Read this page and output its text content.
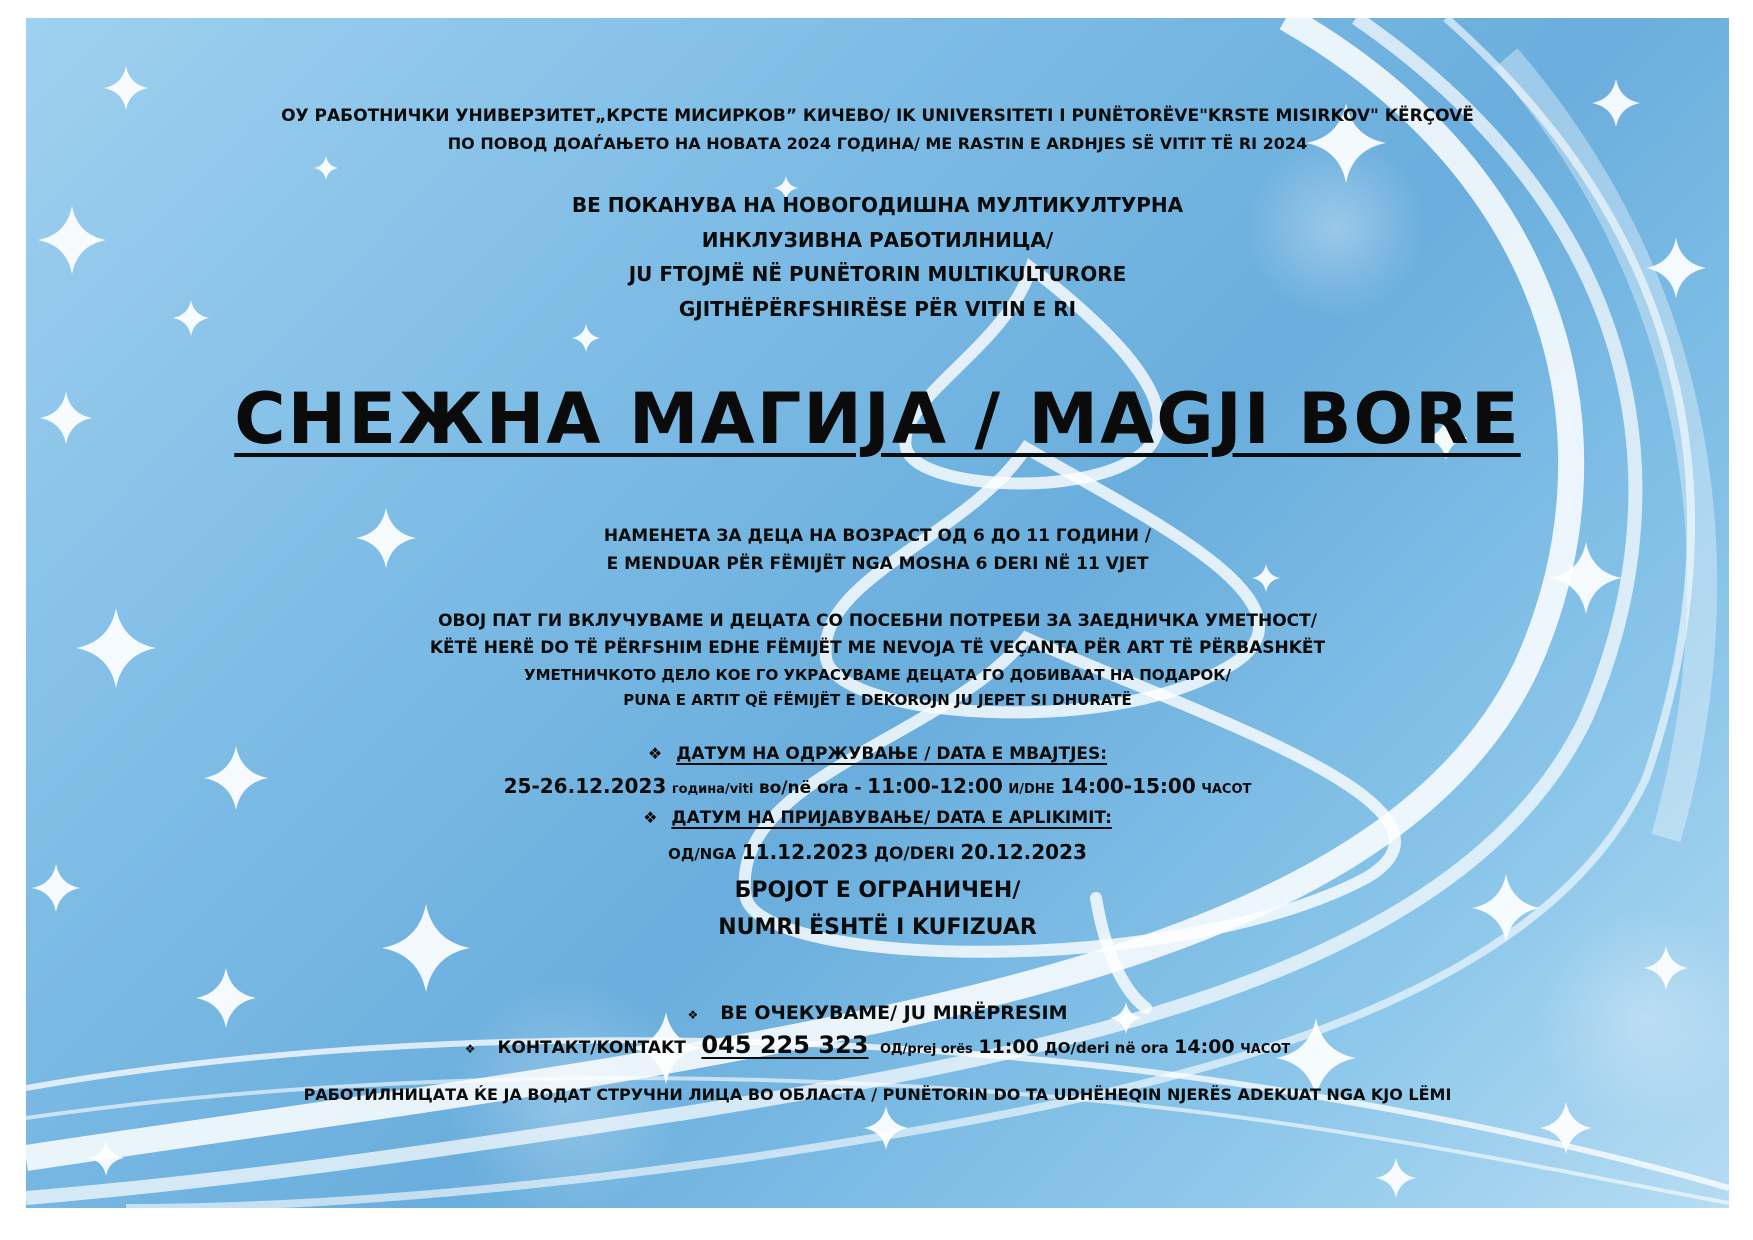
ОУ РАБОТНИЧКИ УНИВЕРЗИТЕТ„КРСТЕ МИСИРКОВ” КИЧЕВО/ IK UNIVERSITETI I PUNËTORËVE"KRSTE MISIRKOV" KËRÇOVË
ПО ПОВОД ДОАЃАЊЕТО НА НОВАТА 2024 ГОДИНА/ ME RASTIN E ARDHJES SË VITIT TË RI 2024
ВЕ ПОКАНУВА НА НОВОГОДИШНА МУЛТИКУЛТУРНА
ИНКЛУЗИВНА РАБОТИЛНИЦА/
JU FTOJMË NË PUNËTORIN MULTIKULTURORE
GJITHËPËRFSHIRËSE PËR VITIN E RI
СНЕЖНА МАГИЈА / MAGJI BORE
НАМЕНЕТА ЗА ДЕЦА НА ВОЗРАСТ ОД 6 ДО 11 ГОДИНИ /
E MENDUAR PËR FËMIJËT NGA MOSHA 6 DERI NË 11 VJET
ОВОЈ ПАТ ГИ ВКЛУЧУВАМЕ И ДЕЦАТА СО ПОСЕБНИ ПОТРЕБИ ЗА ЗАЕДНИЧКА УМЕТНОСТ/
KËTË HERË DO TË PËRFSHIM EDHE FËMIJËT ME NEVOJA TË VEÇANTA PËR ART TË PËRBASHKËT
УМЕТНИЧКОТО ДЕЛО КОЕ ГО УКРАСУВАМЕ ДЕЦАТА ГО ДОБИВААТ НА ПОДАРОК/
PUNA E ARTIT QË FËMIJËT E DEKOROJN JU JEPET SI DHURATË
❖ ДАТУМ НА ОДРЖУВАЊЕ / DATA E MBAJTJES:
25-26.12.2023 година/viti во/në ora - 11:00-12:00 И/DHE 14:00-15:00 ЧАСОТ
❖ ДАТУМ НА ПРИЈАВУВАЊЕ/ DATA E APLIKIMIT:
ОД/NGA 11.12.2023 ДО/DERI 20.12.2023
БРОЈОТ Е ОГРАНИЧЕН/
NUMRI ËSHTË I KUFIZUAR
❖ ВЕ ОЧЕКУВАМЕ/ JU MIRËPRESIM
❖ КОНТАКТ/KONTAKT 045 225 323 ОД/prej orës 11:00 ДО/deri në ora 14:00 ЧАСОТ
РАБОТИЛНИЦАТА ЌЕ ЈА ВОДАТ СТРУЧНИ ЛИЦА ВО ОБЛАСТА / PUNËTORIN DO TA UDHËHEQIN NJERËS ADEKUAT NGA KJO LËMI
